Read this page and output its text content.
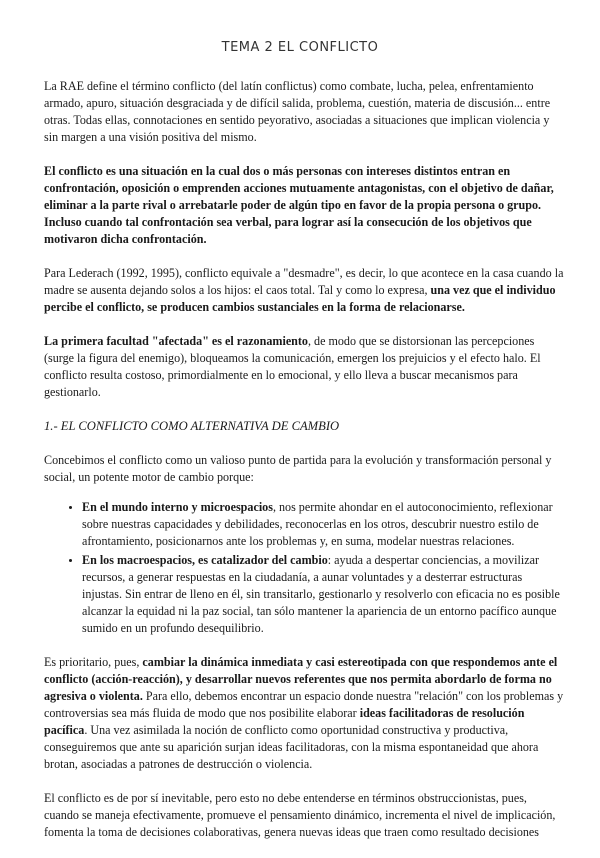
TEMA 2 EL CONFLICTO

La RAE define el término conflicto (del latín conflictus) como combate, lucha, pelea, enfrentamiento armado, apuro, situación desgraciada y de difícil salida, problema, cuestión, materia de discusión... entre otras. Todas ellas, connotaciones en sentido peyorativo, asociadas a situaciones que implican violencia y sin margen a una visión positiva del mismo.

El conflicto es una situación en la cual dos o más personas con intereses distintos entran en confrontación, oposición o emprenden acciones mutuamente antagonistas, con el objetivo de dañar, eliminar a la parte rival o arrebatarle poder de algún tipo en favor de la propia persona o grupo. Incluso cuando tal confrontación sea verbal, para lograr así la consecución de los objetivos que motivaron dicha confrontación.

Para Lederach (1992, 1995), conflicto equivale a "desmadre", es decir, lo que acontece en la casa cuando la madre se ausenta dejando solos a los hijos: el caos total. Tal y como lo expresa, una vez que el individuo percibe el conflicto, se producen cambios sustanciales en la forma de relacionarse.

La primera facultad "afectada" es el razonamiento, de modo que se distorsionan las percepciones (surge la figura del enemigo), bloqueamos la comunicación, emergen los prejuicios y el efecto halo. El conflicto resulta costoso, primordialmente en lo emocional, y ello lleva a buscar mecanismos para gestionarlo.

1.- EL CONFLICTO COMO ALTERNATIVA DE CAMBIO

Concebimos el conflicto como un valioso punto de partida para la evolución y transformación personal y social, un potente motor de cambio porque:

• En el mundo interno y microespacios, nos permite ahondar en el autoconocimiento, reflexionar sobre nuestras capacidades y debilidades, reconocerlas en los otros, descubrir nuestro estilo de afrontamiento, posicionarnos ante los problemas y, en suma, modelar nuestras relaciones.
• En los macroespacios, es catalizador del cambio: ayuda a despertar conciencias, a movilizar recursos, a generar respuestas en la ciudadanía, a aunar voluntades y a desterrar estructuras injustas. Sin entrar de lleno en él, sin transitarlo, gestionarlo y resolverlo con eficacia no es posible alcanzar la equidad ni la paz social, tan sólo mantener la apariencia de un entorno pacífico aunque sumido en un profundo desequilibrio.

Es prioritario, pues, cambiar la dinámica inmediata y casi estereotipada con que respondemos ante el conflicto (acción-reacción), y desarrollar nuevos referentes que nos permita abordarlo de forma no agresiva o violenta. Para ello, debemos encontrar un espacio donde nuestra "relación" con los problemas y controversias sea más fluida de modo que nos posibilite elaborar ideas facilitadoras de resolución pacífica. Una vez asimilada la noción de conflicto como oportunidad constructiva y productiva, conseguiremos que ante su aparición surjan ideas facilitadoras, con la misma espontaneidad que ahora brotan, asociadas a patrones de destrucción o violencia.

El conflicto es de por sí inevitable, pero esto no debe entenderse en términos obstruccionistas, pues, cuando se maneja efectivamente, promueve el pensamiento dinámico, incrementa el nivel de implicación, fomenta la toma de decisiones colaborativas, genera nuevas ideas que traen como resultado decisiones
